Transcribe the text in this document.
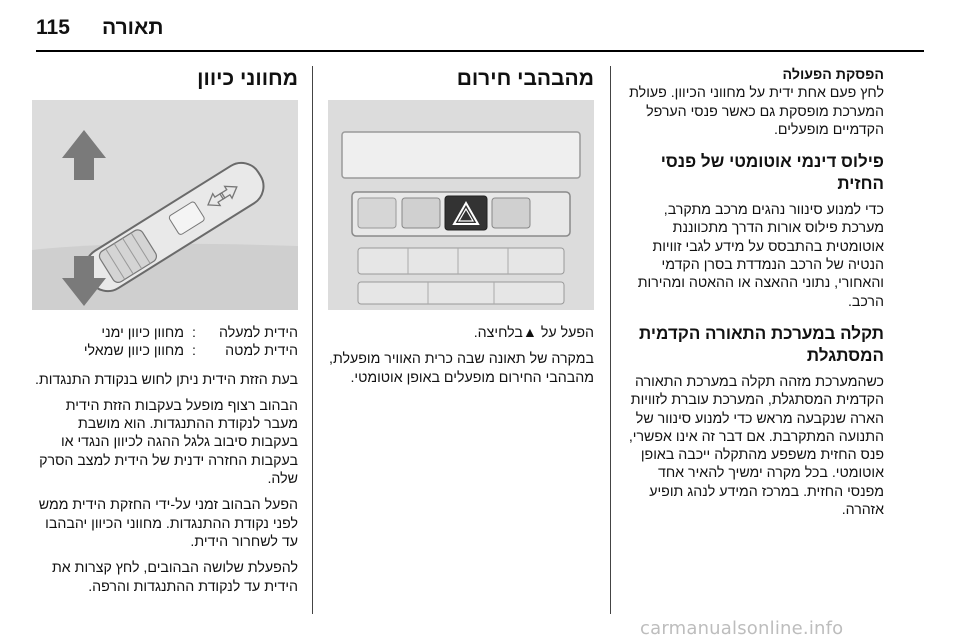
115 תאורה
הפסקת הפעולה

לחץ פעם אחת ידית על מחווני הכיוון. פעולת המערכת מופסקת גם כאשר פנסי הערפל הקדמיים מופעלים.

פילוס דינמי אוטומטי של פנסי החזית

כדי למנוע סינוור נהגים מרכב מתקרב, מערכת פילוס אורות הדרך מתכווננת אוטומטית בהתבסס על מידע לגבי זוויות הנטיה של הרכב הנמדדת בסרן הקדמי והאחורי, נתוני ההאצה או ההאטה ומהירות הרכב.

תקלה במערכת התאורה הקדמית המסתגלת

כשהמערכת מזהה תקלה במערכת התאורה הקדמית המסתגלת, המערכת עוברת לזוויות הארה שנקבעה מראש כדי למנוע סינוור של התנועה המתקרבת. אם דבר זה אינו אפשרי, פנס החזית משפפע מהתקלה ייכבה באופן אוטומטי. בכל מקרה ימשיך להאיר אחד מפנסי החזית. במרכז המידע לנהג תופיע אזהרה.

מהבהבי חירום

הפעל על ▲בלחיצה.

במקרה של תאונה שבה כרית האוויר מופעלת, מהבהבי החירום מופעלים באופן אוטומטי.

מחווני כיוון
הידית למעלה
:
מחוון כיוון ימני
הידית למטה
:
מחוון כיוון שמאלי

בעת הזזת הידית ניתן לחוש בנקודת התנגדות.

הבהוב רצוף מופעל בעקבות הזזת הידית מעבר לנקודת ההתנגדות. הוא מושבת בעקבות סיבוב גלגל ההגה לכיוון הנגדי או בעקבות החזרה ידנית של הידית למצב הסרק שלה.

הפעל הבהוב זמני על-ידי החזקת הידית ממש לפני נקודת ההתנגדות. מחווני הכיוון יהבהבו עד לשחרור הידית.

להפעלת שלושה הבהובים, לחץ קצרות את הידית עד לנקודת ההתנגדות והרפה.

carmanualsonline.info
